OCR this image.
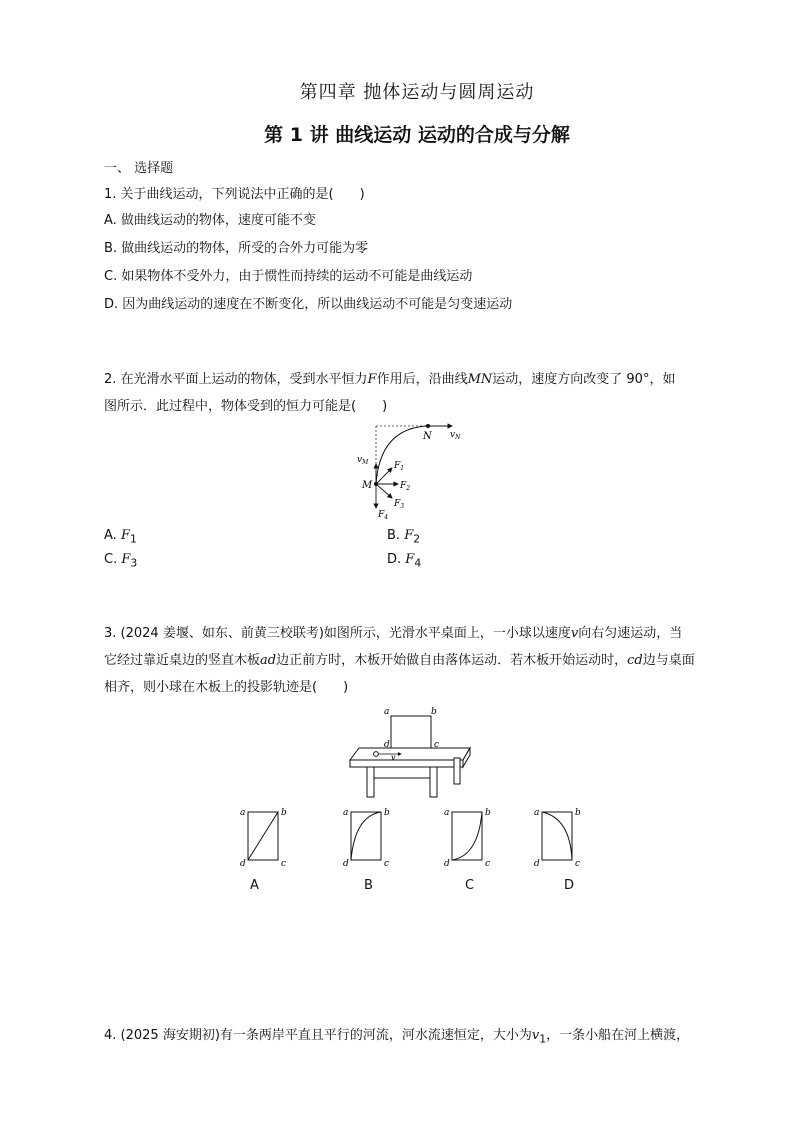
第四章 抛体运动与圆周运动
第 1 讲 曲线运动 运动的合成与分解
一、 选择题
1. 关于曲线运动，下列说法中正确的是(　　)
A. 做曲线运动的物体，速度可能不变
B. 做曲线运动的物体，所受的合外力可能为零
C. 如果物体不受外力，由于惯性而持续的运动不可能是曲线运动
D. 因为曲线运动的速度在不断变化，所以曲线运动不可能是匀变速运动
2. 在光滑水平面上运动的物体，受到水平恒力F作用后，沿曲线MN运动，速度方向改变了 90°，如
图所示．此过程中，物体受到的恒力可能是(　　)
N $v_N$
$v_M$
M
$F_1$
$F_2$
$F_3$
$F_4$
A. $F_1$	B. $F_2$
C. $F_3$	D. $F_4$
3. (2024 姜堰、如东、前黄三校联考)如图所示，光滑水平桌面上，一小球以速度v向右匀速运动，当
它经过靠近桌边的竖直木板ad边正前方时，木板开始做自由落体运动．若木板开始运动时，cd边与桌面
相齐，则小球在木板上的投影轨迹是(　　)
a	b
d	c
v
a	b
d	c
A
a	b
d	c
B
a	b
d	c
C
a	b
d	c
D
4. (2025 海安期初)有一条两岸平直且平行的河流，河水流速恒定，大小为$v_1$，一条小船在河上横渡，
